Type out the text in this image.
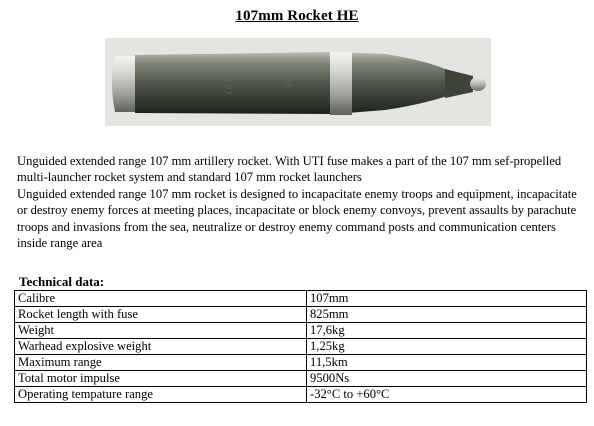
107mm Rocket HE
107	HE

Unguided extended range 107 mm artillery rocket. With UTI fuse makes a part of the 107 mm sef-propelled multi-launcher rocket system and standard 107 mm rocket launchers

Unguided extended range 107 mm rocket is designed to incapacitate enemy troops and equipment, incapacitate or destroy enemy forces at meeting places, incapacitate or block enemy convoys, prevent assaults by parachute troops and invasions from the sea, neutralize or destroy enemy command posts and communication centers inside range area

Technical data:
Calibre	107mm
Rocket length with fuse	825mm
Weight	17,6kg
Warhead explosive weight	1,25kg
Maximum range	11,5km
Total motor impulse	9500Ns
Operating tempature range	-32°C to +60°C
